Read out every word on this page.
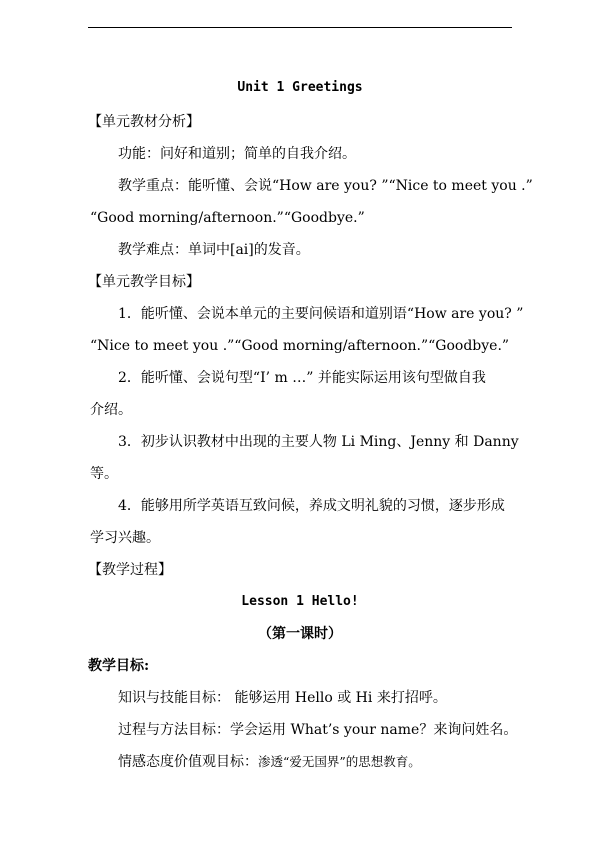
Unit 1 Greetings
【单元教材分析】
功能：问好和道别；简单的自我介绍。
教学重点：能听懂、会说“How are you? ”“Nice to meet you .”
“Good morning/afternoon.”“Goodbye.”
教学难点：单词中[ai]的发音。
【单元教学目标】
1．能听懂、会说本单元的主要问候语和道别语“How are you? ”
“Nice to meet you .”“Good morning/afternoon.”“Goodbye.”
2．能听懂、会说句型“I’ m …” 并能实际运用该句型做自我
介绍。
3．初步认识教材中出现的主要人物 Li Ming、Jenny 和 Danny
等。
4．能够用所学英语互致问候，养成文明礼貌的习惯，逐步形成
学习兴趣。
【教学过程】
Lesson 1 Hello!
（第一课时）
教学目标:
知识与技能目标： 能够运用 Hello 或 Hi 来打招呼。
过程与方法目标：学会运用 What’s your name？来询问姓名。
情感态度价值观目标：渗透“爱无国界”的思想教育。
